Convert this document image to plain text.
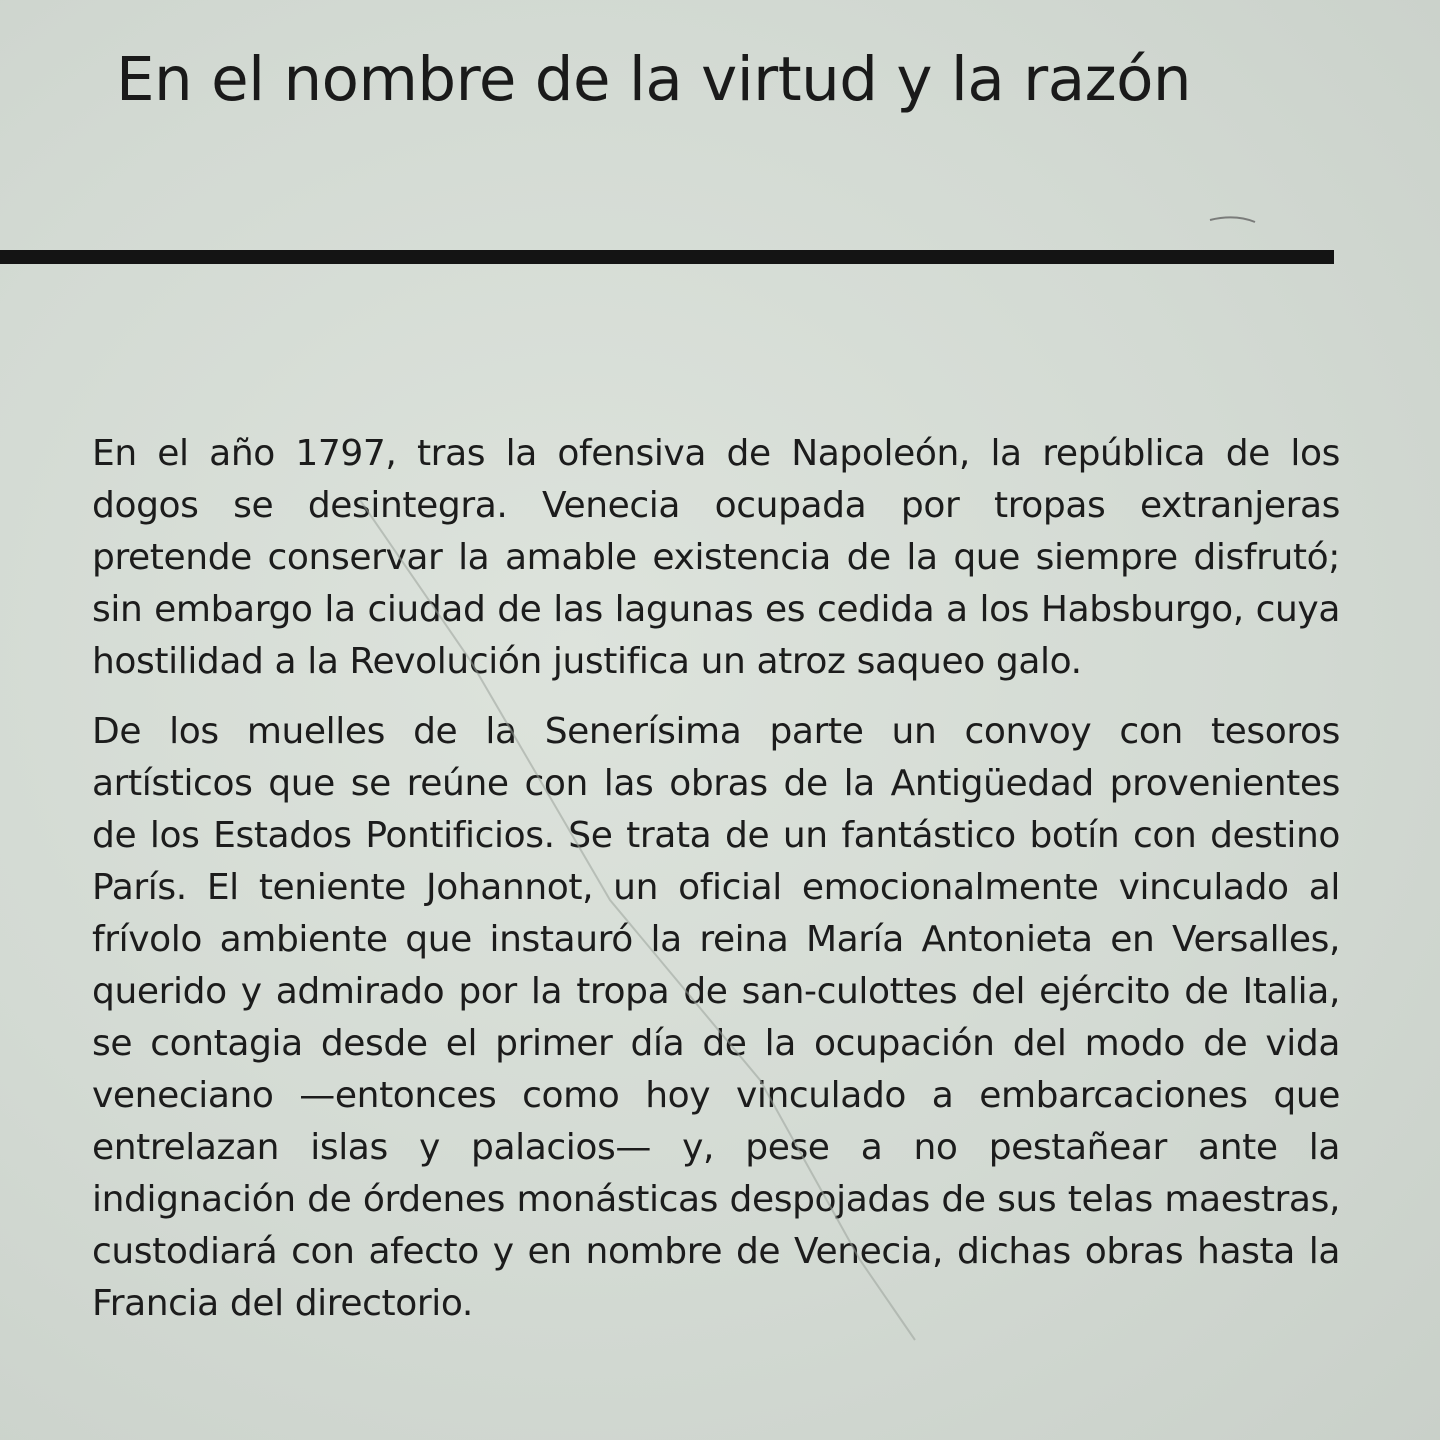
En el nombre de la virtud y la razón

En el año 1797, tras la ofensiva de Napoleón, la república de los dogos se desintegra. Venecia ocupada por tropas extranjeras pretende conservar la amable existencia de la que siempre disfrutó; sin embargo la ciudad de las lagunas es cedida a los Habsburgo, cuya hostilidad a la Revolución justifica un atroz saqueo galo.

De los muelles de la Senerísima parte un convoy con tesoros artísticos que se reúne con las obras de la Antigüedad provenientes de los Estados Pontificios. Se trata de un fantástico botín con destino París. El teniente Johannot, un oficial emocionalmente vinculado al frívolo ambiente que instauró la reina María Antonieta en Versalles, querido y admirado por la tropa de san-culottes del ejército de Italia, se contagia desde el primer día de la ocupación del modo de vida veneciano —entonces como hoy vinculado a embarcaciones que entrelazan islas y palacios— y, pese a no pestañear ante la indignación de órdenes monásticas despojadas de sus telas maestras, custodiará con afecto y en nombre de Venecia, dichas obras hasta la Francia del directorio.
